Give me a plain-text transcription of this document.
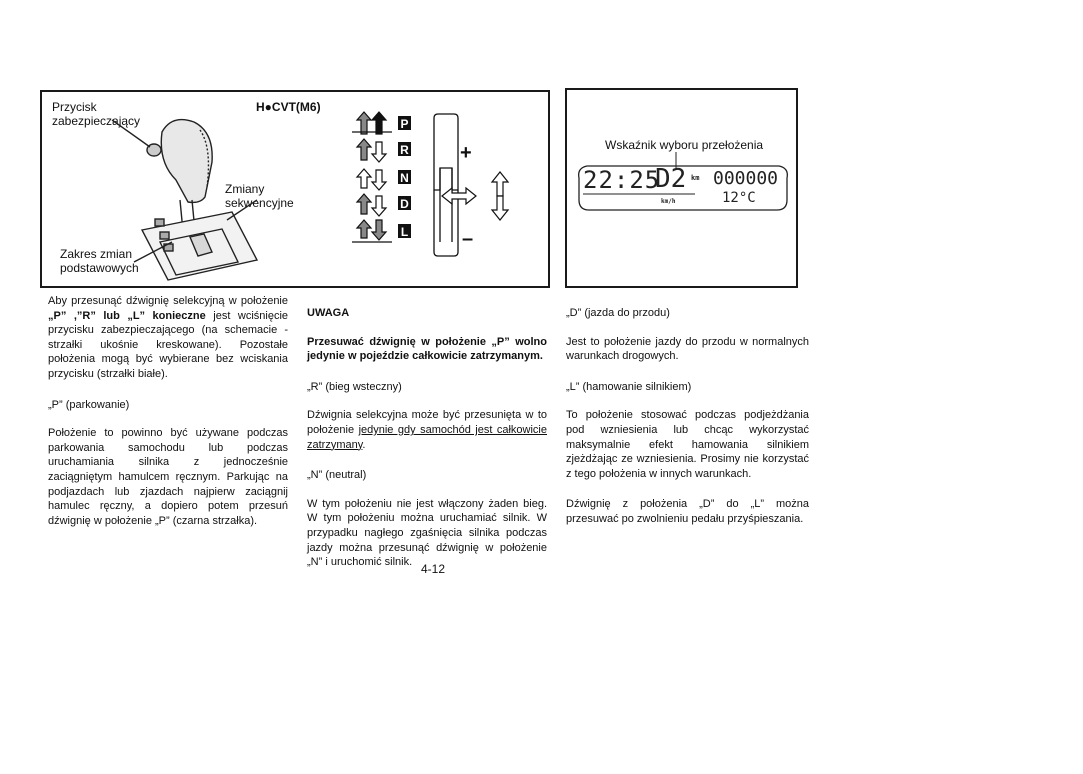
Przycisk zabezpieczający
H●CVT(M6)
Zmiany sekwencyjne
Zakres zmian podstawowych
P
R
N
D
L
+
–
Wskaźnik wyboru przełożenia
22:25
D2 km
km/h
000000
12°C

Aby przesunąć dźwignię selekcyjną w położenie „P” ,”R” lub „L” konieczne jest wciśnięcie przycisku zabezpieczającego (na schemacie - strzałki ukośnie kreskowane). Pozostałe położenia mogą być wybierane bez wciskania przycisku (strzałki białe).

„P” (parkowanie)

Położenie to powinno być używane podczas parkowania samochodu lub podczas uruchamiania silnika z jednocześnie zaciągniętym hamulcem ręcznym. Parkując na podjazdach lub zjazdach najpierw zaciągnij hamulec ręczny, a dopiero potem przesuń dźwignię w położenie „P” (czarna strzałka).

UWAGA

Przesuwać dźwignię w położenie „P” wolno jedynie w pojeździe całkowicie zatrzymanym.

„R” (bieg wsteczny)

Dźwignia selekcyjna może być przesunięta w to położenie jedynie gdy samochód jest całkowicie zatrzymany.

„N” (neutral)

W tym położeniu nie jest włączony żaden bieg. W tym położeniu można uruchamiać silnik. W przypadku nagłego zgaśnięcia silnika podczas jazdy można przesunąć dźwignię w położenie „N” i uruchomić silnik.

„D” (jazda do przodu)

Jest to położenie jazdy do przodu w normalnych warunkach drogowych.

„L” (hamowanie silnikiem)

To położenie stosować podczas podjeżdżania pod wzniesienia lub chcąc wykorzystać maksymalnie efekt hamowania silnikiem zjeżdżając ze wzniesienia. Prosimy nie korzystać z tego położenia w innych warunkach.

Dźwignię z położenia „D” do „L” można przesuwać po zwolnieniu pedału przyśpieszania.

4-12
